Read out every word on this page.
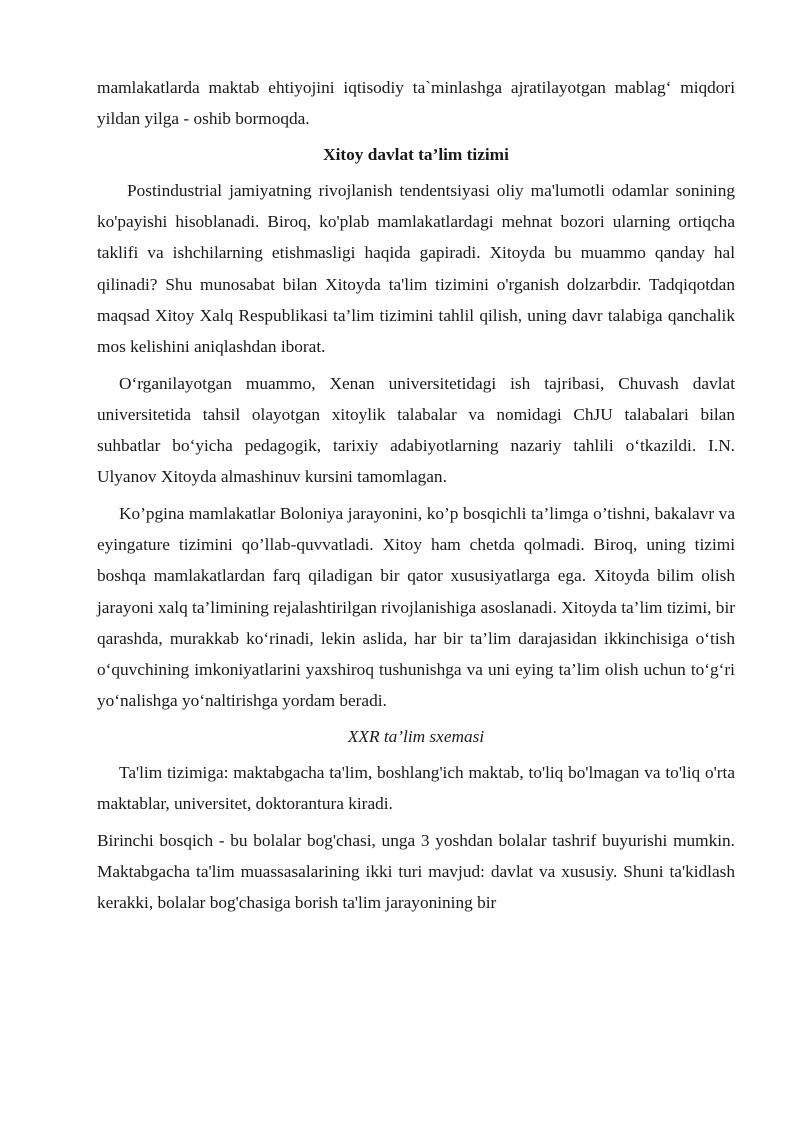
mamlakatlarda maktab ehtiyojini iqtisodiy ta`minlashga ajratilayotgan mablag‘ miqdori yildan yilga - oshib bormoqda.

Xitoy davlat ta’lim tizimi

Postindustrial jamiyatning rivojlanish tendentsiyasi oliy ma'lumotli odamlar sonining ko'payishi hisoblanadi. Biroq, ko'plab mamlakatlardagi mehnat bozori ularning ortiqcha taklifi va ishchilarning etishmasligi haqida gapiradi. Xitoyda bu muammo qanday hal qilinadi? Shu munosabat bilan Xitoyda ta'lim tizimini o'rganish dolzarbdir. Tadqiqotdan maqsad Xitoy Xalq Respublikasi ta’lim tizimini tahlil qilish, uning davr talabiga qanchalik mos kelishini aniqlashdan iborat.

O‘rganilayotgan muammo, Xenan universitetidagi ish tajribasi, Chuvash davlat universitetida tahsil olayotgan xitoylik talabalar va nomidagi ChJU talabalari bilan suhbatlar bo‘yicha pedagogik, tarixiy adabiyotlarning nazariy tahlili o‘tkazildi. I.N. Ulyanov Xitoyda almashinuv kursini tamomlagan.

Ko’pgina mamlakatlar Boloniya jarayonini, ko’p bosqichli ta’limga o’tishni, bakalavr va eyingature tizimini qo’llab-quvvatladi. Xitoy ham chetda qolmadi. Biroq, uning tizimi boshqa mamlakatlardan farq qiladigan bir qator xususiyatlarga ega. Xitoyda bilim olish jarayoni xalq ta’limining rejalashtirilgan rivojlanishiga asoslanadi. Xitoyda ta’lim tizimi, bir qarashda, murakkab ko‘rinadi, lekin aslida, har bir ta’lim darajasidan ikkinchisiga o‘tish o‘quvchining imkoniyatlarini yaxshiroq tushunishga va uni eying ta’lim olish uchun to‘g‘ri yo‘nalishga yo‘naltirishga yordam beradi.

XXR ta’lim sxemasi

Ta'lim tizimiga: maktabgacha ta'lim, boshlang'ich maktab, to'liq bo'lmagan va to'liq o'rta maktablar, universitet, doktorantura kiradi.

Birinchi bosqich - bu bolalar bog'chasi, unga 3 yoshdan bolalar tashrif buyurishi mumkin. Maktabgacha ta'lim muassasalarining ikki turi mavjud: davlat va xususiy. Shuni ta'kidlash kerakki, bolalar bog'chasiga borish ta'lim jarayonining bir
